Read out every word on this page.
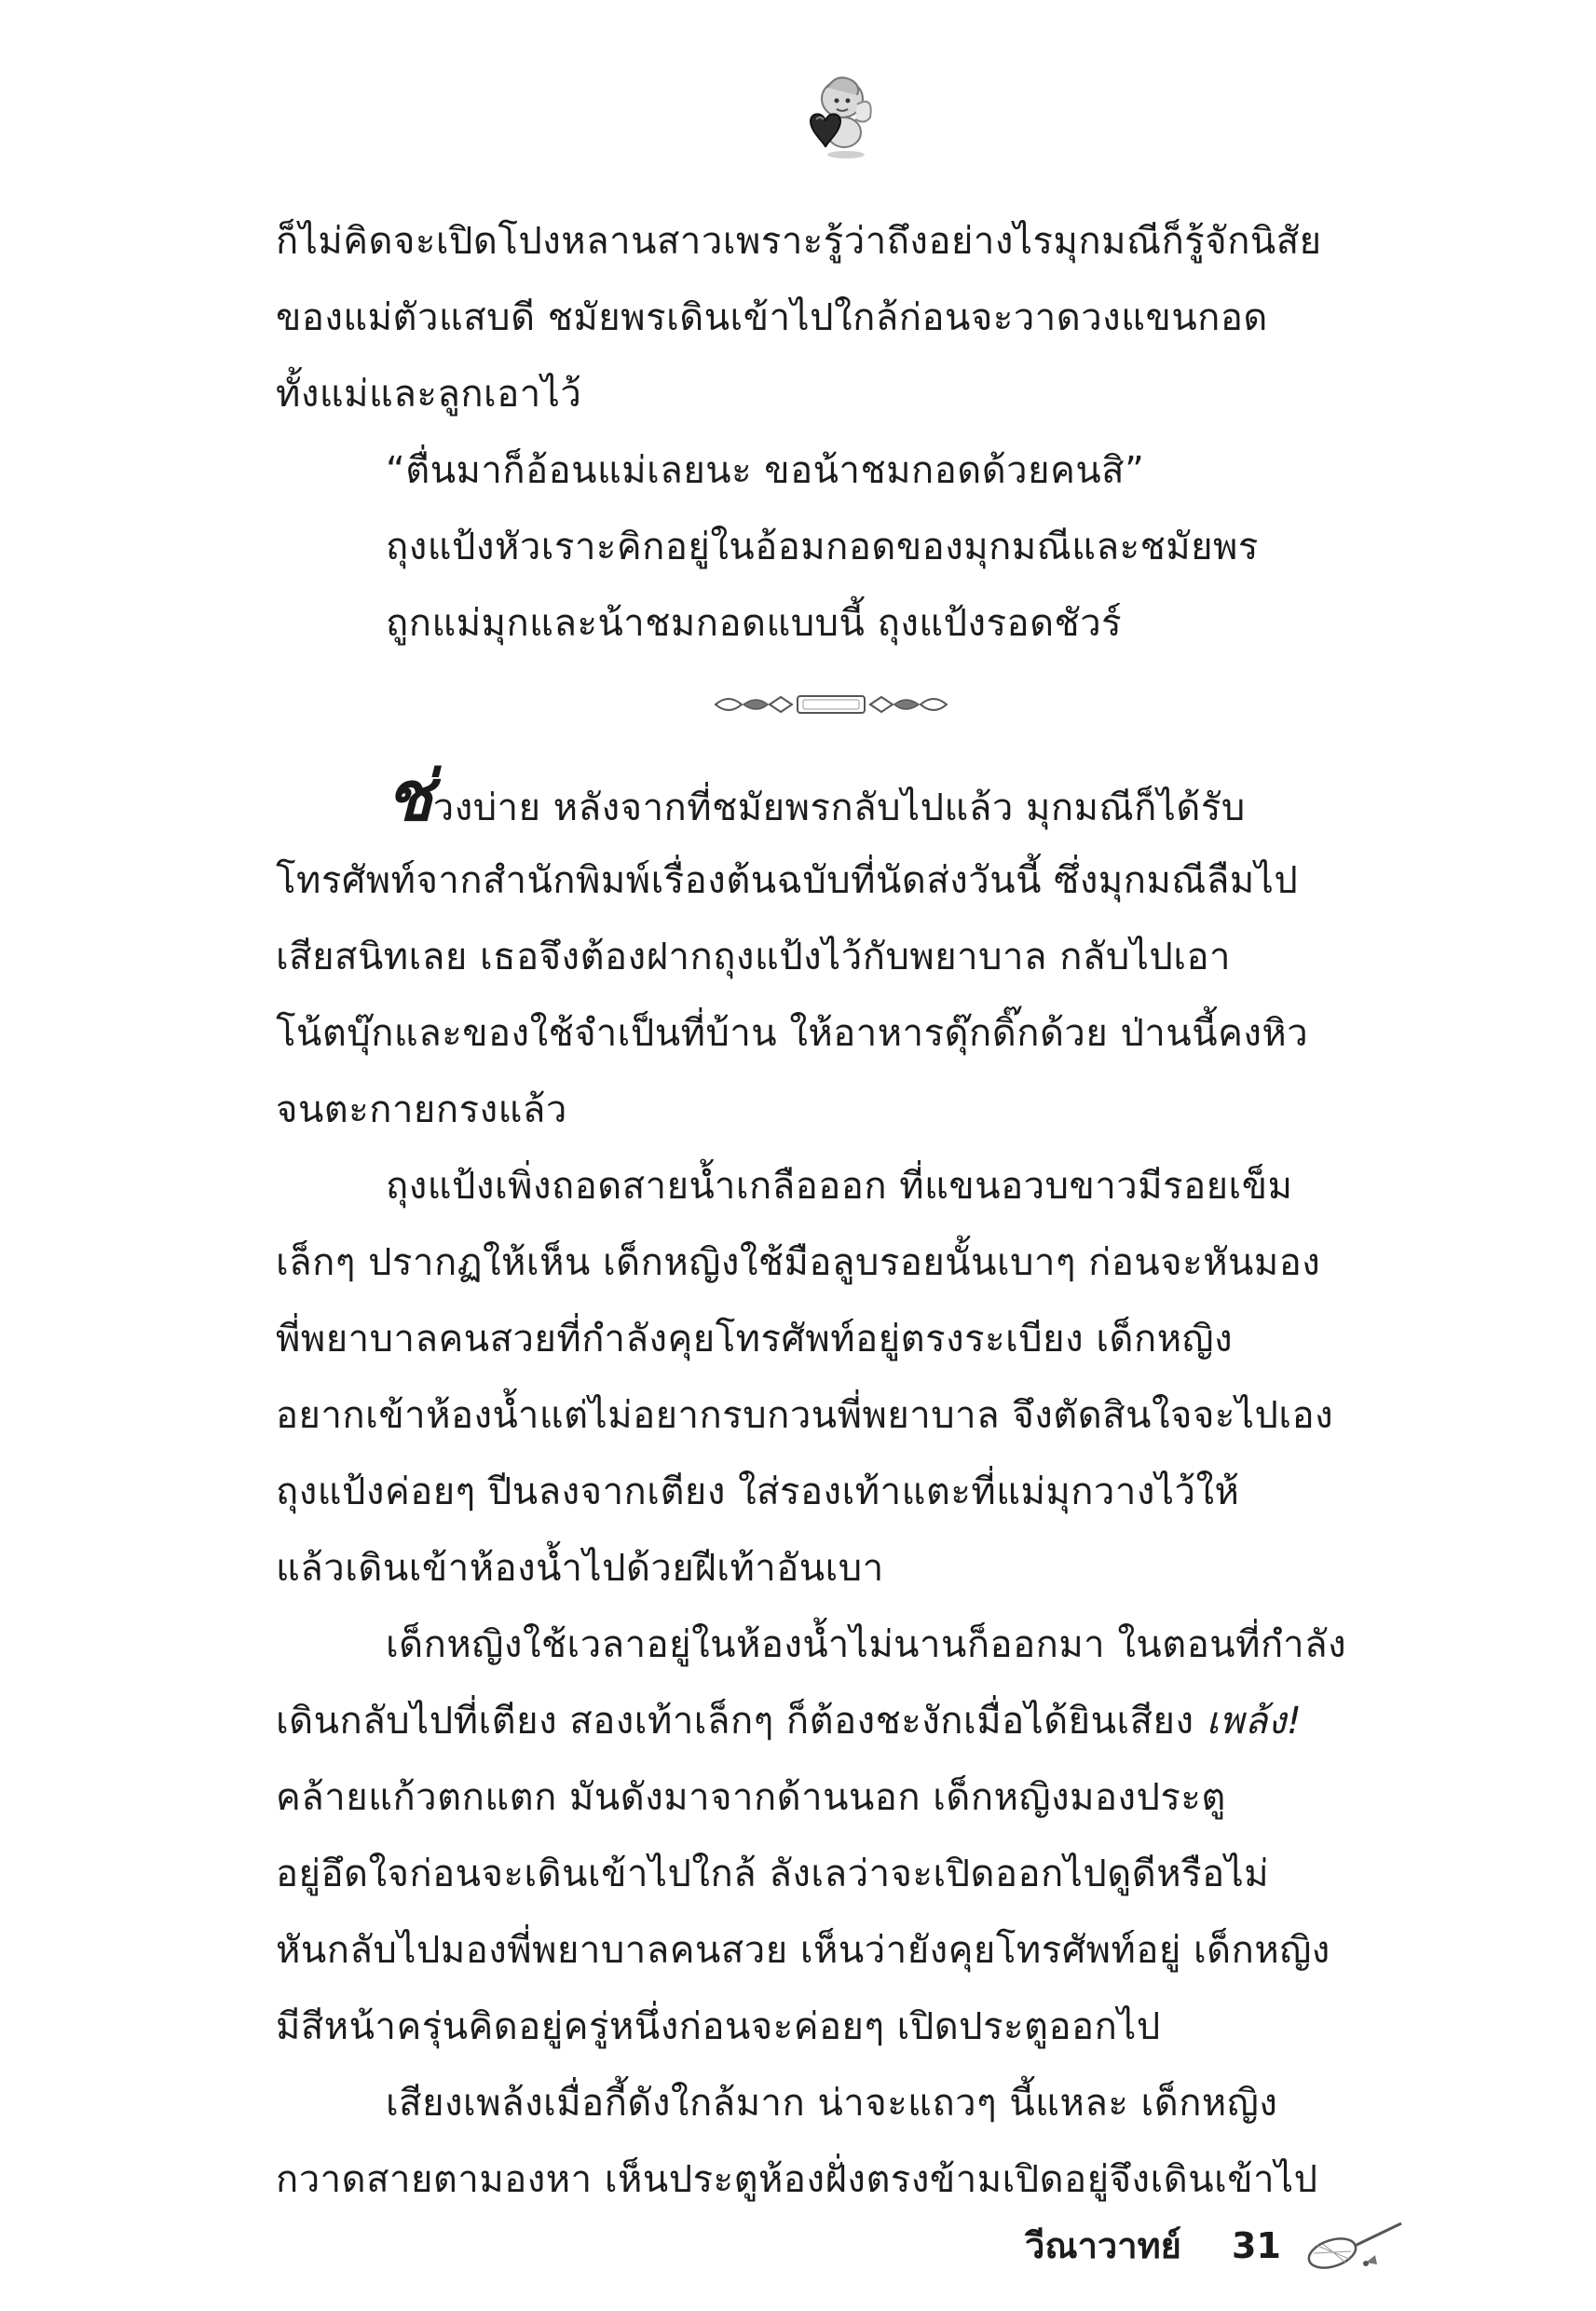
ก็ไม่คิดจะเปิดโปงหลานสาวเพราะรู้ว่าถึงอย่างไรมุกมณีก็รู้จักนิสัย
ของแม่ตัวแสบดี ชมัยพรเดินเข้าไปใกล้ก่อนจะวาดวงแขนกอด
ทั้งแม่และลูกเอาไว้
“ตื่นมาก็อ้อนแม่เลยนะ ขอน้าชมกอดด้วยคนสิ”
ถุงแป้งหัวเราะคิกอยู่ในอ้อมกอดของมุกมณีและชมัยพร
ถูกแม่มุกและน้าชมกอดแบบนี้ ถุงแป้งรอดชัวร์
ช่วงบ่าย หลังจากที่ชมัยพรกลับไปแล้ว มุกมณีก็ได้รับ
โทรศัพท์จากสำนักพิมพ์เรื่องต้นฉบับที่นัดส่งวันนี้ ซึ่งมุกมณีลืมไป
เสียสนิทเลย เธอจึงต้องฝากถุงแป้งไว้กับพยาบาล กลับไปเอา
โน้ตบุ๊กและของใช้จำเป็นที่บ้าน ให้อาหารดุ๊กดิ๊กด้วย ป่านนี้คงหิว
จนตะกายกรงแล้ว
ถุงแป้งเพิ่งถอดสายน้ำเกลือออก ที่แขนอวบขาวมีรอยเข็ม
เล็กๆ ปรากฏให้เห็น เด็กหญิงใช้มือลูบรอยนั้นเบาๆ ก่อนจะหันมอง
พี่พยาบาลคนสวยที่กำลังคุยโทรศัพท์อยู่ตรงระเบียง เด็กหญิง
อยากเข้าห้องน้ำแต่ไม่อยากรบกวนพี่พยาบาล จึงตัดสินใจจะไปเอง
ถุงแป้งค่อยๆ ปีนลงจากเตียง ใส่รองเท้าแตะที่แม่มุกวางไว้ให้
แล้วเดินเข้าห้องน้ำไปด้วยฝีเท้าอันเบา
เด็กหญิงใช้เวลาอยู่ในห้องน้ำไม่นานก็ออกมา ในตอนที่กำลัง
เดินกลับไปที่เตียง สองเท้าเล็กๆ ก็ต้องชะงักเมื่อได้ยินเสียง เพล้ง!
คล้ายแก้วตกแตก มันดังมาจากด้านนอก เด็กหญิงมองประตู
อยู่อึดใจก่อนจะเดินเข้าไปใกล้ ลังเลว่าจะเปิดออกไปดูดีหรือไม่
หันกลับไปมองพี่พยาบาลคนสวย เห็นว่ายังคุยโทรศัพท์อยู่ เด็กหญิง
มีสีหน้าครุ่นคิดอยู่ครู่หนึ่งก่อนจะค่อยๆ เปิดประตูออกไป
เสียงเพล้งเมื่อกี้ดังใกล้มาก น่าจะแถวๆ นี้แหละ เด็กหญิง
กวาดสายตามองหา เห็นประตูห้องฝั่งตรงข้ามเปิดอยู่จึงเดินเข้าไป
วีณาวาทย์ 31
